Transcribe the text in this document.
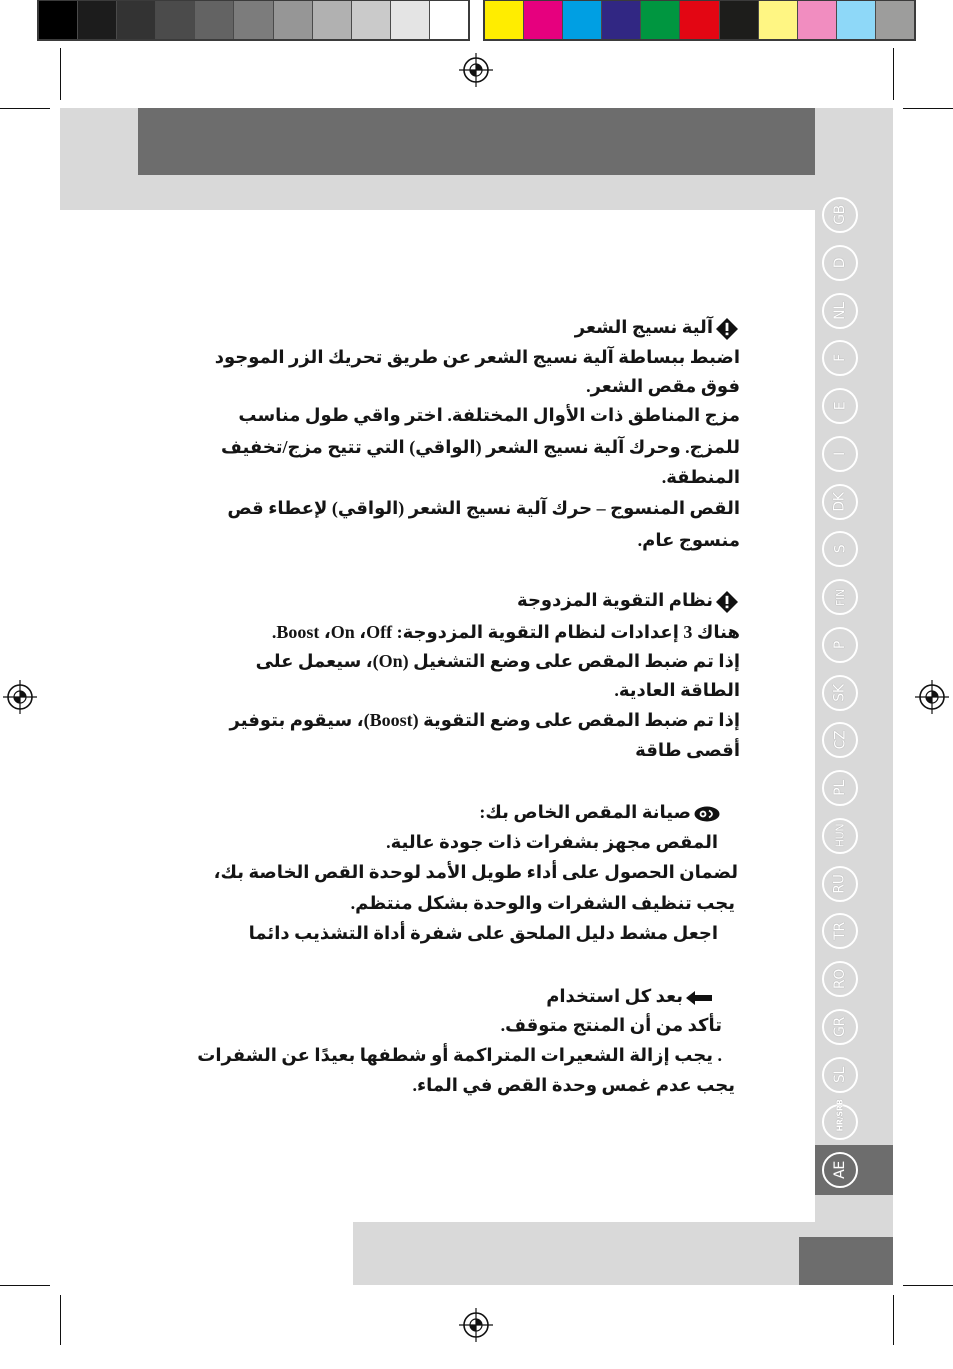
GB
D
NL
F
E
I
DK
S
FIN
P
SK
CZ
PL
HUN
RU
TR
RO
GR
SL
HR/SRB
AE
آلية نسيج الشعر
اضبط ببساطة آلية نسيج الشعر عن طريق تحريك الزر الموجود
فوق مقص الشعر.
مزج المناطق ذات الأوال المختلفة. اختر واقي طول مناسب
للمزج. وحرك آلية نسيج الشعر (الواقي) التي تتيح مزج/تخفيف
المنطقة.
القص المنسوج – حرك آلية نسيج الشعر (الواقي) لإعطاء قص
منسوج عام.
نظام التقوية المزدوجة
هناك 3 إعدادات لنظام التقوية المزدوجة: Off،‏ On،‏ Boost.
إذا تم ضبط المقص على وضع التشغيل (On)، سيعمل على
الطاقة العادية.
إذا تم ضبط المقص على وضع التقوية (Boost)، سيقوم بتوفير
أقصى طاقة
صيانة المقص الخاص بك:
المقص مجهز بشفرات ذات جودة عالية.
لضمان الحصول على أداء طويل الأمد لوحدة القص الخاصة بك،
يجب تنظيف الشفرات والوحدة بشكل منتظم.
اجعل مشط دليل الملحق على شفرة أداة التشذيب دائما
بعد كل استخدام
تأكد من أن المنتج متوقف.
. يجب إزالة الشعيرات المتراكمة أو شطفها بعيدًا عن الشفرات
يجب عدم غمس وحدة القص في الماء.
